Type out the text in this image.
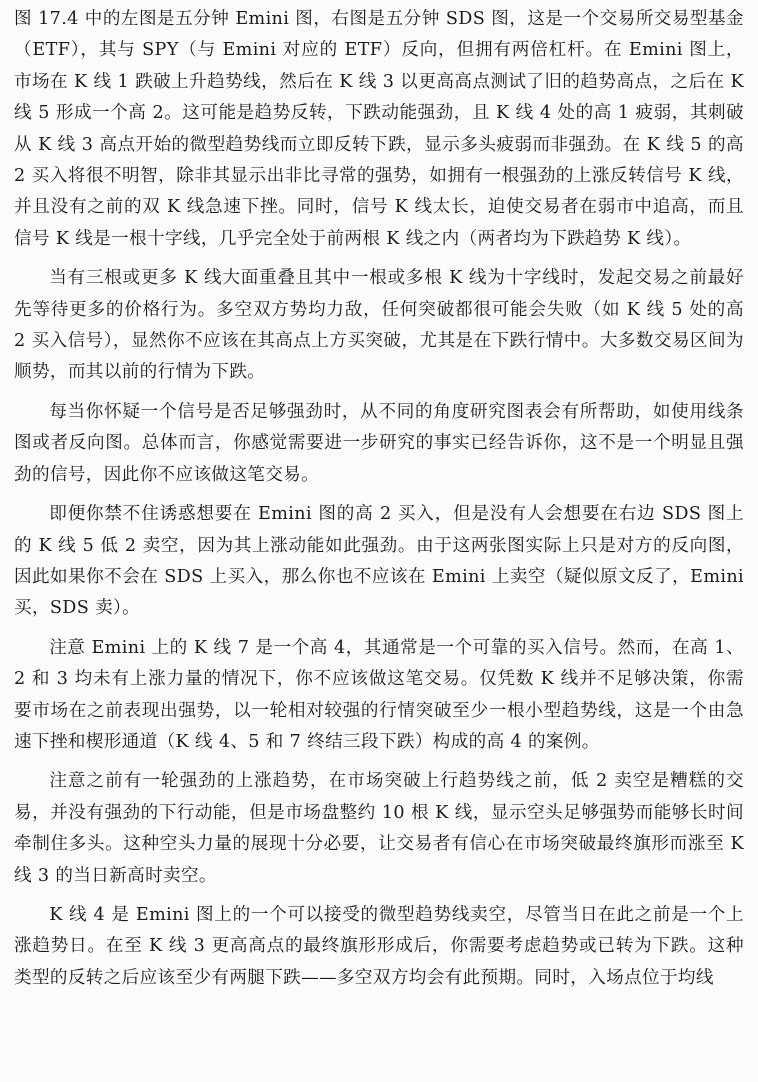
图 17.4 中的左图是五分钟 Emini 图，右图是五分钟 SDS 图，这是一个交易所交易型基金（ETF），其与 SPY（与 Emini 对应的 ETF）反向，但拥有两倍杠杆。在 Emini 图上，市场在 K 线 1 跌破上升趋势线，然后在 K 线 3 以更高高点测试了旧的趋势高点，之后在 K 线 5 形成一个高 2。这可能是趋势反转，下跌动能强劲，且 K 线 4 处的高 1 疲弱，其刺破从 K 线 3 高点开始的微型趋势线而立即反转下跌，显示多头疲弱而非强劲。在 K 线 5 的高 2 买入将很不明智，除非其显示出非比寻常的强势，如拥有一根强劲的上涨反转信号 K 线，并且没有之前的双 K 线急速下挫。同时，信号 K 线太长，迫使交易者在弱市中追高，而且信号 K 线是一根十字线，几乎完全处于前两根 K 线之内（两者均为下跌趋势 K 线）。

当有三根或更多 K 线大面重叠且其中一根或多根 K 线为十字线时，发起交易之前最好先等待更多的价格行为。多空双方势均力敌，任何突破都很可能会失败（如 K 线 5 处的高 2 买入信号），显然你不应该在其高点上方买突破，尤其是在下跌行情中。大多数交易区间为顺势，而其以前的行情为下跌。

每当你怀疑一个信号是否足够强劲时，从不同的角度研究图表会有所帮助，如使用线条图或者反向图。总体而言，你感觉需要进一步研究的事实已经告诉你，这不是一个明显且强劲的信号，因此你不应该做这笔交易。

即便你禁不住诱惑想要在 Emini 图的高 2 买入，但是没有人会想要在右边 SDS 图上的 K 线 5 低 2 卖空，因为其上涨动能如此强劲。由于这两张图实际上只是对方的反向图，因此如果你不会在 SDS 上买入，那么你也不应该在 Emini 上卖空（疑似原文反了，Emini 买，SDS 卖）。

注意 Emini 上的 K 线 7 是一个高 4，其通常是一个可靠的买入信号。然而，在高 1、2 和 3 均未有上涨力量的情况下，你不应该做这笔交易。仅凭数 K 线并不足够决策，你需要市场在之前表现出强势，以一轮相对较强的行情突破至少一根小型趋势线，这是一个由急速下挫和楔形通道（K 线 4、5 和 7 终结三段下跌）构成的高 4 的案例。

注意之前有一轮强劲的上涨趋势，在市场突破上行趋势线之前，低 2 卖空是糟糕的交易，并没有强劲的下行动能，但是市场盘整约 10 根 K 线，显示空头足够强势而能够长时间牵制住多头。这种空头力量的展现十分必要，让交易者有信心在市场突破最终旗形而涨至 K 线 3 的当日新高时卖空。

K 线 4 是 Emini 图上的一个可以接受的微型趋势线卖空，尽管当日在此之前是一个上涨趋势日。在至 K 线 3 更高高点的最终旗形形成后，你需要考虑趋势或已转为下跌。这种类型的反转之后应该至少有两腿下跌——多空双方均会有此预期。同时，入场点位于均线
